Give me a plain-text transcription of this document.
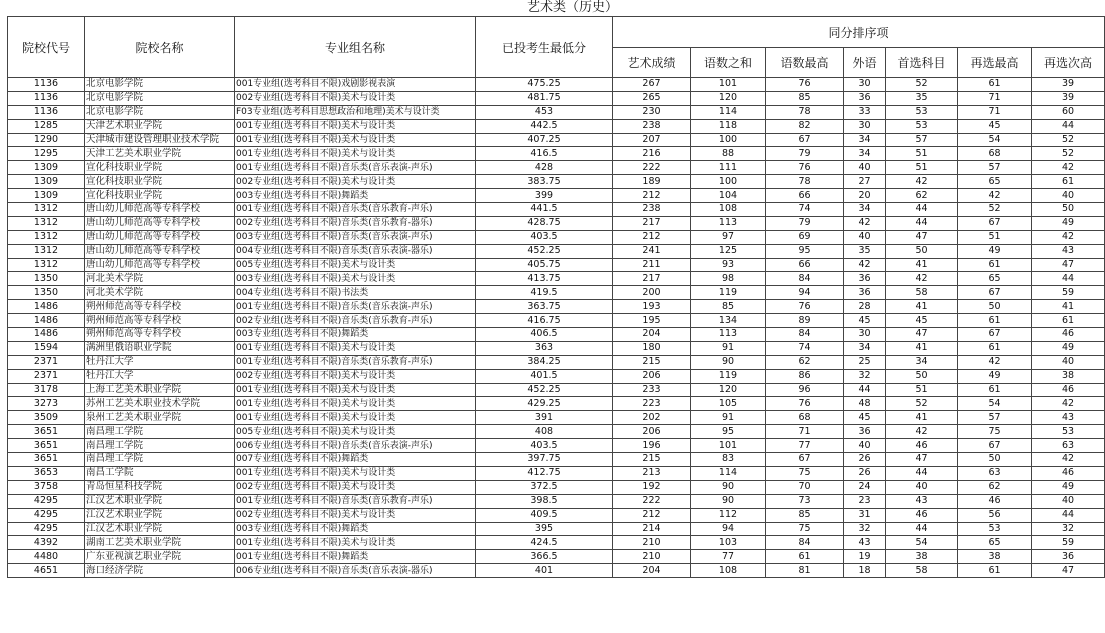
艺术类（历史）
院校代号	院校名称	专业组名称	已投考生最低分	同分排序项						
				艺术成绩	语数之和	语数最高	外语	首选科目	再选最高	再选次高
1136	北京电影学院	001专业组(选考科目不限)戏剧影视表演	475.25	267	101	76	30	52	61	39
1136	北京电影学院	002专业组(选考科目不限)美术与设计类	481.75	265	120	85	36	35	71	39
1136	北京电影学院	F03专业组(选考科目思想政治和地理)美术与设计类	453	230	114	78	33	53	71	60
1285	天津艺术职业学院	001专业组(选考科目不限)美术与设计类	442.5	238	118	82	30	53	45	44
1290	天津城市建设管理职业技术学院	001专业组(选考科目不限)美术与设计类	407.25	207	100	67	34	57	54	52
1295	天津工艺美术职业学院	001专业组(选考科目不限)美术与设计类	416.5	216	88	79	34	51	68	52
1309	宣化科技职业学院	001专业组(选考科目不限)音乐类(音乐表演-声乐)	428	222	111	76	40	51	57	42
1309	宣化科技职业学院	002专业组(选考科目不限)美术与设计类	383.75	189	100	78	27	42	65	61
1309	宣化科技职业学院	003专业组(选考科目不限)舞蹈类	399	212	104	66	20	62	42	40
1312	唐山幼儿师范高等专科学校	001专业组(选考科目不限)音乐类(音乐教育-声乐)	441.5	238	108	74	34	44	52	50
1312	唐山幼儿师范高等专科学校	002专业组(选考科目不限)音乐类(音乐教育-器乐)	428.75	217	113	79	42	44	67	49
1312	唐山幼儿师范高等专科学校	003专业组(选考科目不限)音乐类(音乐表演-声乐)	403.5	212	97	69	40	47	51	42
1312	唐山幼儿师范高等专科学校	004专业组(选考科目不限)音乐类(音乐表演-器乐)	452.25	241	125	95	35	50	49	43
1312	唐山幼儿师范高等专科学校	005专业组(选考科目不限)美术与设计类	405.75	211	93	66	42	41	61	47
1350	河北美术学院	003专业组(选考科目不限)美术与设计类	413.75	217	98	84	36	42	65	44
1350	河北美术学院	004专业组(选考科目不限)书法类	419.5	200	119	94	36	58	67	59
1486	朔州师范高等专科学校	001专业组(选考科目不限)音乐类(音乐表演-声乐)	363.75	193	85	76	28	41	50	41
1486	朔州师范高等专科学校	002专业组(选考科目不限)音乐类(音乐教育-声乐)	416.75	195	134	89	45	45	61	61
1486	朔州师范高等专科学校	003专业组(选考科目不限)舞蹈类	406.5	204	113	84	30	47	67	46
1594	满洲里俄语职业学院	001专业组(选考科目不限)美术与设计类	363	180	91	74	34	41	61	49
2371	牡丹江大学	001专业组(选考科目不限)音乐类(音乐教育-声乐)	384.25	215	90	62	25	34	42	40
2371	牡丹江大学	002专业组(选考科目不限)美术与设计类	401.5	206	119	86	32	50	49	38
3178	上海工艺美术职业学院	001专业组(选考科目不限)美术与设计类	452.25	233	120	96	44	51	61	46
3273	苏州工艺美术职业技术学院	001专业组(选考科目不限)美术与设计类	429.25	223	105	76	48	52	54	42
3509	泉州工艺美术职业学院	001专业组(选考科目不限)美术与设计类	391	202	91	68	45	41	57	43
3651	南昌理工学院	005专业组(选考科目不限)美术与设计类	408	206	95	71	36	42	75	53
3651	南昌理工学院	006专业组(选考科目不限)音乐类(音乐表演-声乐)	403.5	196	101	77	40	46	67	63
3651	南昌理工学院	007专业组(选考科目不限)舞蹈类	397.75	215	83	67	26	47	50	42
3653	南昌工学院	001专业组(选考科目不限)美术与设计类	412.75	213	114	75	26	44	63	46
3758	青岛恒星科技学院	002专业组(选考科目不限)美术与设计类	372.5	192	90	70	24	40	62	49
4295	江汉艺术职业学院	001专业组(选考科目不限)音乐类(音乐教育-声乐)	398.5	222	90	73	23	43	46	40
4295	江汉艺术职业学院	002专业组(选考科目不限)美术与设计类	409.5	212	112	85	31	46	56	44
4295	江汉艺术职业学院	003专业组(选考科目不限)舞蹈类	395	214	94	75	32	44	53	32
4392	湖南工艺美术职业学院	001专业组(选考科目不限)美术与设计类	424.5	210	103	84	43	54	65	59
4480	广东亚视演艺职业学院	001专业组(选考科目不限)舞蹈类	366.5	210	77	61	19	38	38	36
4651	海口经济学院	006专业组(选考科目不限)音乐类(音乐表演-器乐)	401	204	108	81	18	58	61	47
